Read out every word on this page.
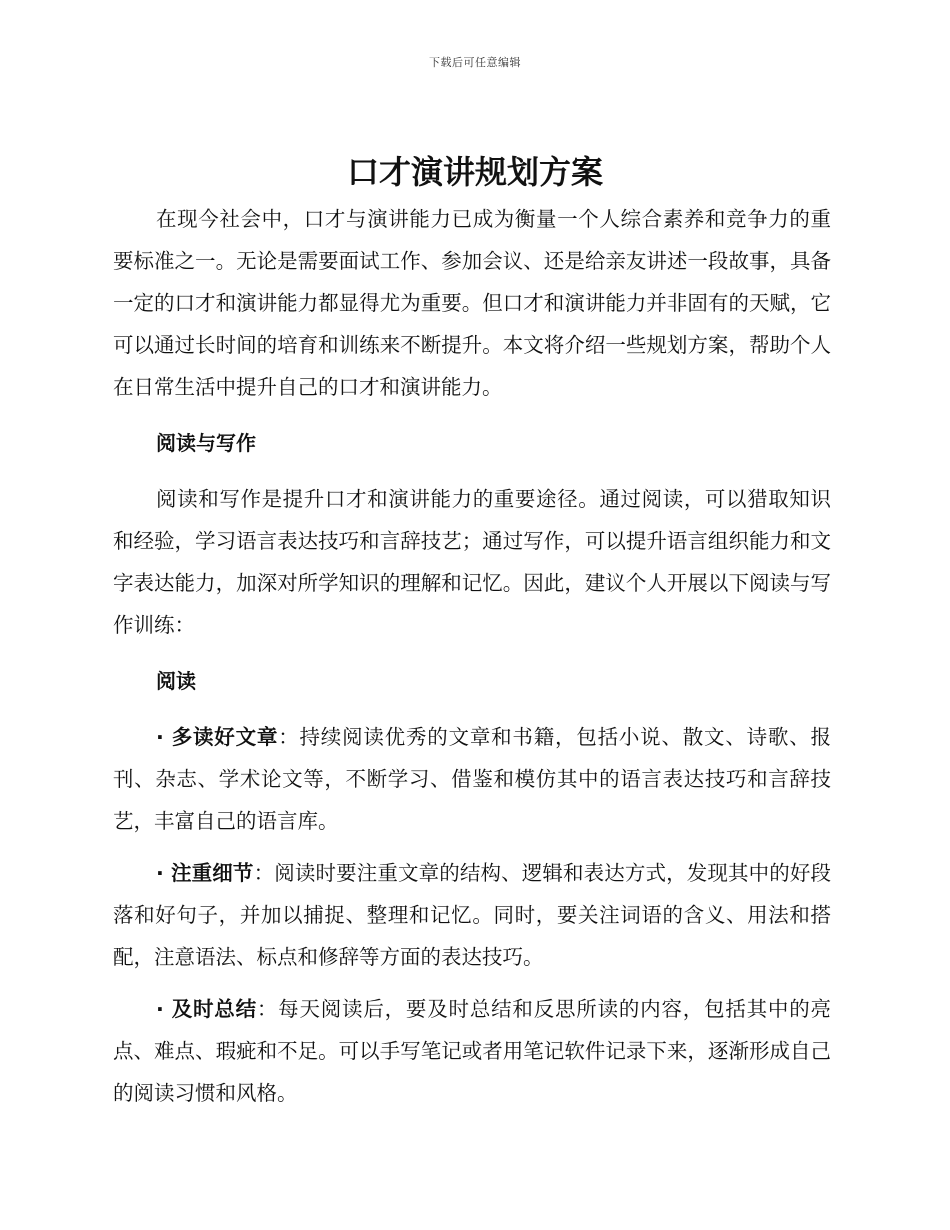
下载后可任意编辑
口才演讲规划方案

在现今社会中，口才与演讲能力已成为衡量一个人综合素养和竞争力的重要标准之一。无论是需要面试工作、参加会议、还是给亲友讲述一段故事，具备一定的口才和演讲能力都显得尤为重要。但口才和演讲能力并非固有的天赋，它可以通过长时间的培育和训练来不断提升。本文将介绍一些规划方案，帮助个人在日常生活中提升自己的口才和演讲能力。

阅读与写作

阅读和写作是提升口才和演讲能力的重要途径。通过阅读，可以猎取知识和经验，学习语言表达技巧和言辞技艺；通过写作，可以提升语言组织能力和文字表达能力，加深对所学知识的理解和记忆。因此，建议个人开展以下阅读与写作训练：

阅读

· 多读好文章：持续阅读优秀的文章和书籍，包括小说、散文、诗歌、报刊、杂志、学术论文等，不断学习、借鉴和模仿其中的语言表达技巧和言辞技艺，丰富自己的语言库。

· 注重细节：阅读时要注重文章的结构、逻辑和表达方式，发现其中的好段落和好句子，并加以捕捉、整理和记忆。同时，要关注词语的含义、用法和搭配，注意语法、标点和修辞等方面的表达技巧。

· 及时总结：每天阅读后，要及时总结和反思所读的内容，包括其中的亮点、难点、瑕疵和不足。可以手写笔记或者用笔记软件记录下来，逐渐形成自己的阅读习惯和风格。
